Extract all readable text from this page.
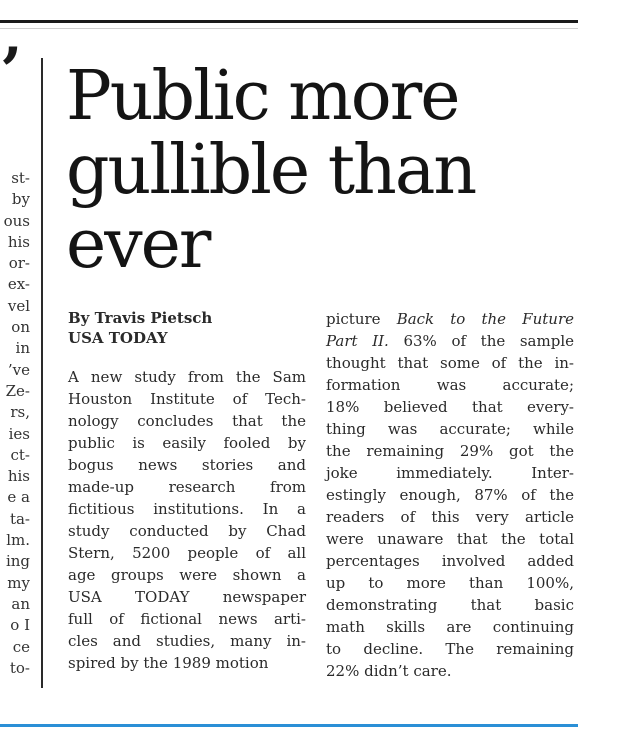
’
st-
by
ous
his
or-
ex-
vel
on
in
’ve
Ze-
rs,
ies
ct-
his
e a
ta-
lm.
ing
my
an
o I
ce
to-
Public more
gullible than
ever
By Travis Pietsch
USA TODAY
A new study from the Sam
Houston Institute of Tech-
nology concludes that the
public is easily fooled by
bogus news stories and
made-up research from
fictitious institutions. In a
study conducted by Chad
Stern, 5200 people of all
age groups were shown a
USA TODAY newspaper
full of fictional news arti-
cles and studies, many in-
spired by the 1989 motion
picture Back to the Future
Part II. 63% of the sample
thought that some of the in-
formation was accurate;
18% believed that every-
thing was accurate; while
the remaining 29% got the
joke immediately. Inter-
estingly enough, 87% of the
readers of this very article
were unaware that the total
percentages involved added
up to more than 100%,
demonstrating that basic
math skills are continuing
to decline. The remaining
22% didn’t care.
